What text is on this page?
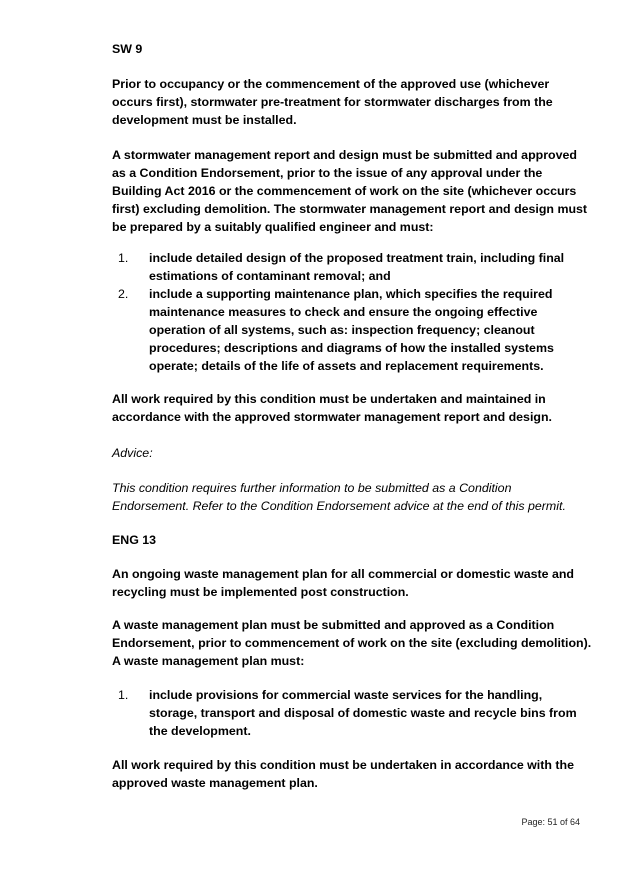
SW 9

Prior to occupancy or the commencement of the approved use (whichever occurs first), stormwater pre-treatment for stormwater discharges from the development must be installed.

A stormwater management report and design must be submitted and approved as a Condition Endorsement, prior to the issue of any approval under the Building Act 2016 or the commencement of work on the site (whichever occurs first) excluding demolition. The stormwater management report and design must be prepared by a suitably qualified engineer and must:

1. include detailed design of the proposed treatment train, including final estimations of contaminant removal; and
2. include a supporting maintenance plan, which specifies the required maintenance measures to check and ensure the ongoing effective operation of all systems, such as: inspection frequency; cleanout procedures; descriptions and diagrams of how the installed systems operate; details of the life of assets and replacement requirements.

All work required by this condition must be undertaken and maintained in accordance with the approved stormwater management report and design.

Advice:

This condition requires further information to be submitted as a Condition Endorsement. Refer to the Condition Endorsement advice at the end of this permit.

ENG 13

An ongoing waste management plan for all commercial or domestic waste and recycling must be implemented post construction.

A waste management plan must be submitted and approved as a Condition Endorsement, prior to commencement of work on the site (excluding demolition). A waste management plan must:

1. include provisions for commercial waste services for the handling, storage, transport and disposal of domestic waste and recycle bins from the development.

All work required by this condition must be undertaken in accordance with the approved waste management plan.

Page: 51 of 64
